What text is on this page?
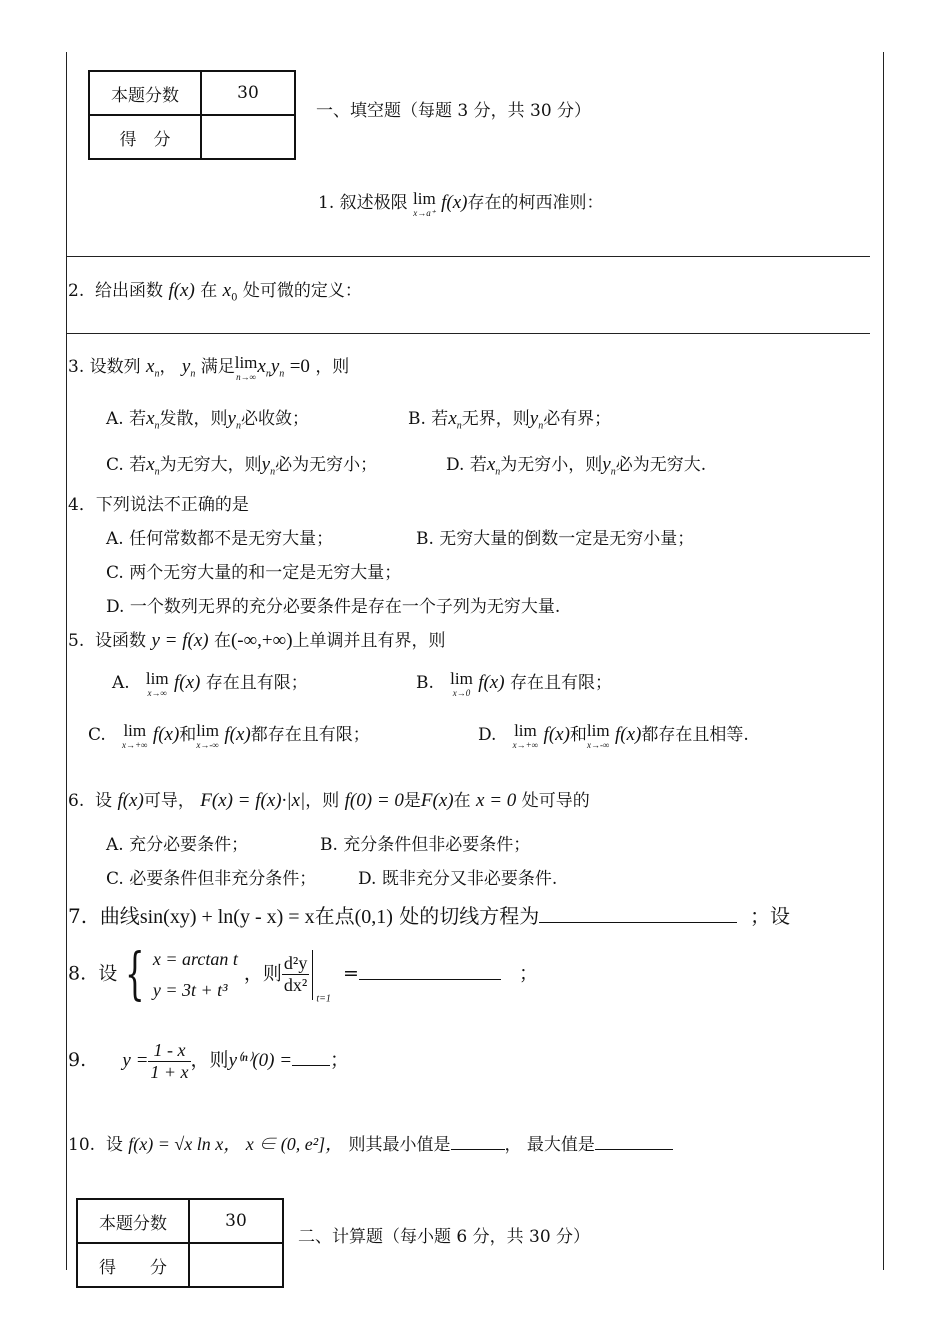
本题分数	30
得　分	
一、填空题（每题 3 分，共 30 分）
1. 叙述极限 lim
x→a⁺ f(x)存在的柯西准则：
2. 给出函数 f(x) 在 $x_0$ 处可微的定义：
3. 设数列 $x_n$， $y_n$ 满足 lim
n→∞ $x_ny_n =0$ ，则
A. 若$x_n$发散，则$y_n$必收敛；	B. 若$x_n$无界，则$y_n$必有界；
C. 若$x_n$为无穷大，则$y_n$必为无穷小；	D. 若$x_n$为无穷小，则$y_n$必为无穷大.
4．下列说法不正确的是
A. 任何常数都不是无穷大量；	B. 无穷大量的倒数一定是无穷小量；
C. 两个无穷大量的和一定是无穷大量；
D. 一个数列无界的充分必要条件是存在一个子列为无穷大量.
5. 设函数 y = f(x) 在(-∞,+∞)上单调并且有界，则
A. lim
x→∞ f(x) 存在且有限；	B. lim
x→0 f(x) 存在且有限；
C. lim
x→+∞ f(x)和 lim
x→-∞ f(x)都存在且有限；	D. lim
x→+∞ f(x)和 lim
x→-∞ f(x)都存在且相等.
6. 设 f(x)可导， F(x) = f(x)·|x|，则 f(0) = 0是F(x)在 x = 0 处可导的
A. 充分必要条件；	B. 充分条件但非必要条件；
C. 必要条件但非充分条件； D. 既非充分又非必要条件.
7. 曲线sin(xy) + ln(y - x) = x在点(0,1) 处的切线方程为	；设
8. 设 { x = arctan t
y = 3t + t³
，则 $\frac{\text{d²y}}{\text{dx²}}$
$_{t=1}$  =	；
9. $y = \frac{1 - x}{1 + x}$ ，则y⁽ⁿ⁾(0) = ；
10. 设 f(x) = √x ln x， x ∈ (0, e²]， 则其最小值是	， 最大值是
本题分数	30
得　　分	
二、计算题（每小题 6 分，共 30 分）
